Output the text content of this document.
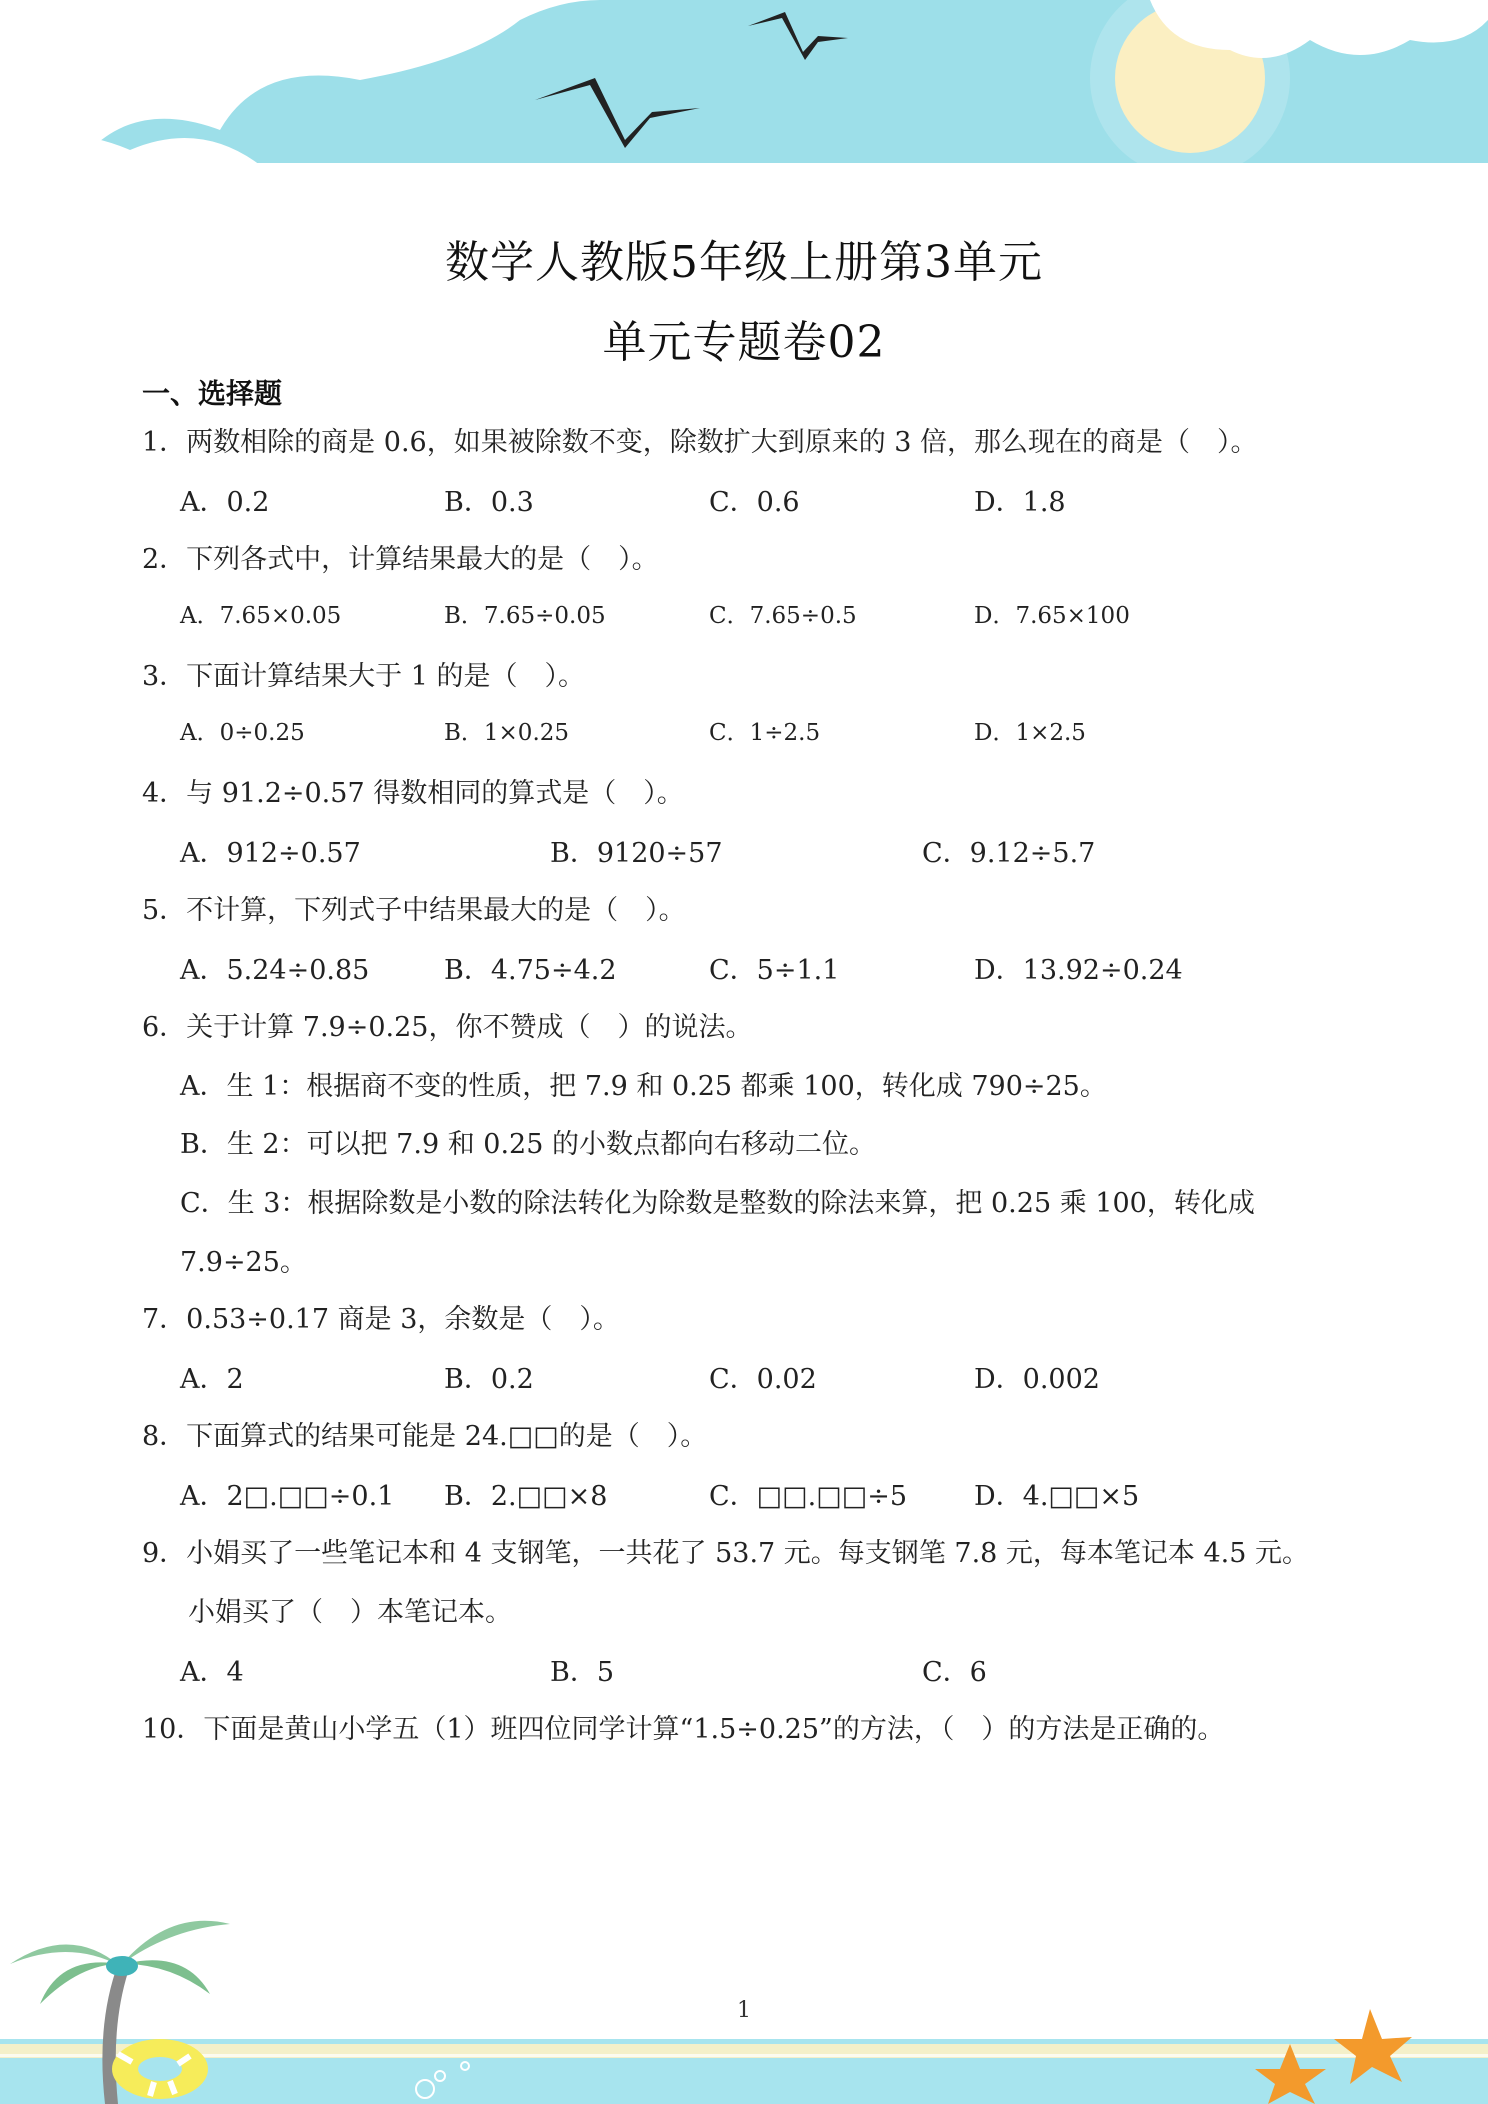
数学人教版5年级上册第3单元
单元专题卷02
一、选择题
1．两数相除的商是 0.6，如果被除数不变，除数扩大到原来的 3 倍，那么现在的商是（　）。
A．0.2	B．0.3	C．0.6	D．1.8
2．下列各式中，计算结果最大的是（　）。
A．7.65×0.05	B．7.65÷0.05	C．7.65÷0.5	D．7.65×100
3．下面计算结果大于 1 的是（　）。
A．0÷0.25	B．1×0.25	C．1÷2.5	D．1×2.5
4．与 91.2÷0.57 得数相同的算式是（　）。
A．912÷0.57	B．9120÷57	C．9.12÷5.7
5．不计算，下列式子中结果最大的是（　）。
A．5.24÷0.85	B．4.75÷4.2	C．5÷1.1	D．13.92÷0.24
6．关于计算 7.9÷0.25，你不赞成（　）的说法。
A．生 1：根据商不变的性质，把 7.9 和 0.25 都乘 100，转化成 790÷25。
B．生 2：可以把 7.9 和 0.25 的小数点都向右移动二位。
C．生 3：根据除数是小数的除法转化为除数是整数的除法来算，把 0.25 乘 100，转化成
7.9÷25。
7．0.53÷0.17 商是 3，余数是（　）。
A．2	B．0.2	C．0.02	D．0.002
8．下面算式的结果可能是 24.□□的是（　）。
A．2□.□□÷0.1 B．2.□□×8	C．□□.□□÷5 D．4.□□×5
9．小娟买了一些笔记本和 4 支钢笔，一共花了 53.7 元。每支钢笔 7.8 元，每本笔记本 4.5 元。
小娟买了（　）本笔记本。
A．4	B．5	C．6
10．下面是黄山小学五（1）班四位同学计算“1.5÷0.25”的方法，（　）的方法是正确的。
1
